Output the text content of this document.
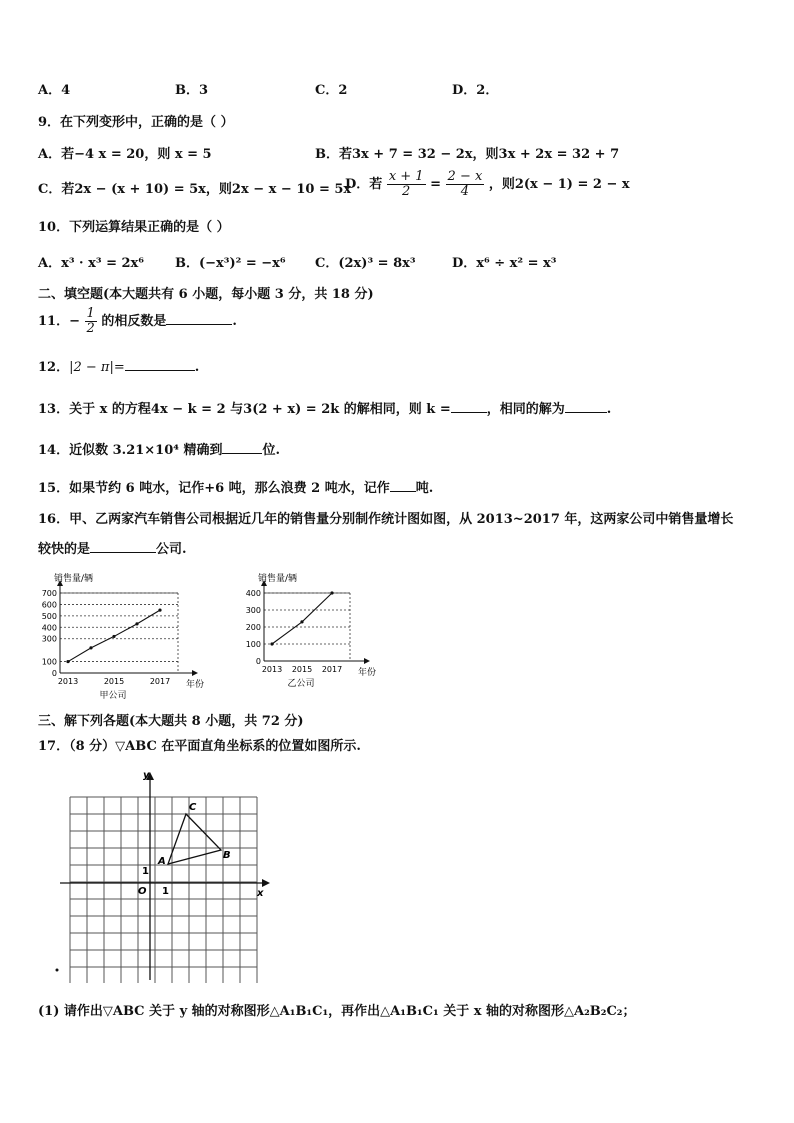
A．4	B．3	C．2	D．2．
9．在下列变形中，正确的是（ ）
A．若−4 x = 20，则 x = 5	B．若3x + 7 = 32 − 2x，则3x + 2x = 32 + 7
C．若2x − (x + 10) = 5x，则2x − x − 10 = 5x
D．若 $\frac{x + 1}{2} = \frac{2 - x}{4}$ ，则2(x − 1) = 2 − x
10．下列运算结果正确的是（ ）
A．x³ · x³ = 2x⁶ B．(−x³)² = −x⁶ C．(2x)³ = 8x³	D．x⁶ ÷ x² = x³
二、填空题(本大题共有 6 小题，每小题 3 分，共 18 分)
11．− $\frac{1}{2}$ 的相反数是	.
12．|2 − π|=	.
13．关于 x 的方程4x − k = 2 与3(2 + x) = 2k 的解相同，则 k =	，相同的解为	.
14．近似数 3.21×10⁴ 精确到	位.
15．如果节约 6 吨水，记作+6 吨，那么浪费 2 吨水，记作 吨.
16．甲、乙两家汽车销售公司根据近几年的销售量分别制作统计图如图，从 2013~2017 年，这两家公司中销售量增长
较快的是	公司.
0
100
300
400
500
600
700
2013	2015	2017
销售量/辆
年份
甲公司
0
100
200
300
400
2013 2015 2017
销售量/辆
年份
乙公司
三、解下列各题(本大题共 8 小题，共 72 分)
17．（8 分）▽ABC 在平面直角坐标系的位置如图所示.
y
x
O 1
1
A
B
C
(1) 请作出▽ABC 关于 y 轴的对称图形△A₁B₁C₁，再作出△A₁B₁C₁ 关于 x 轴的对称图形△A₂B₂C₂；
